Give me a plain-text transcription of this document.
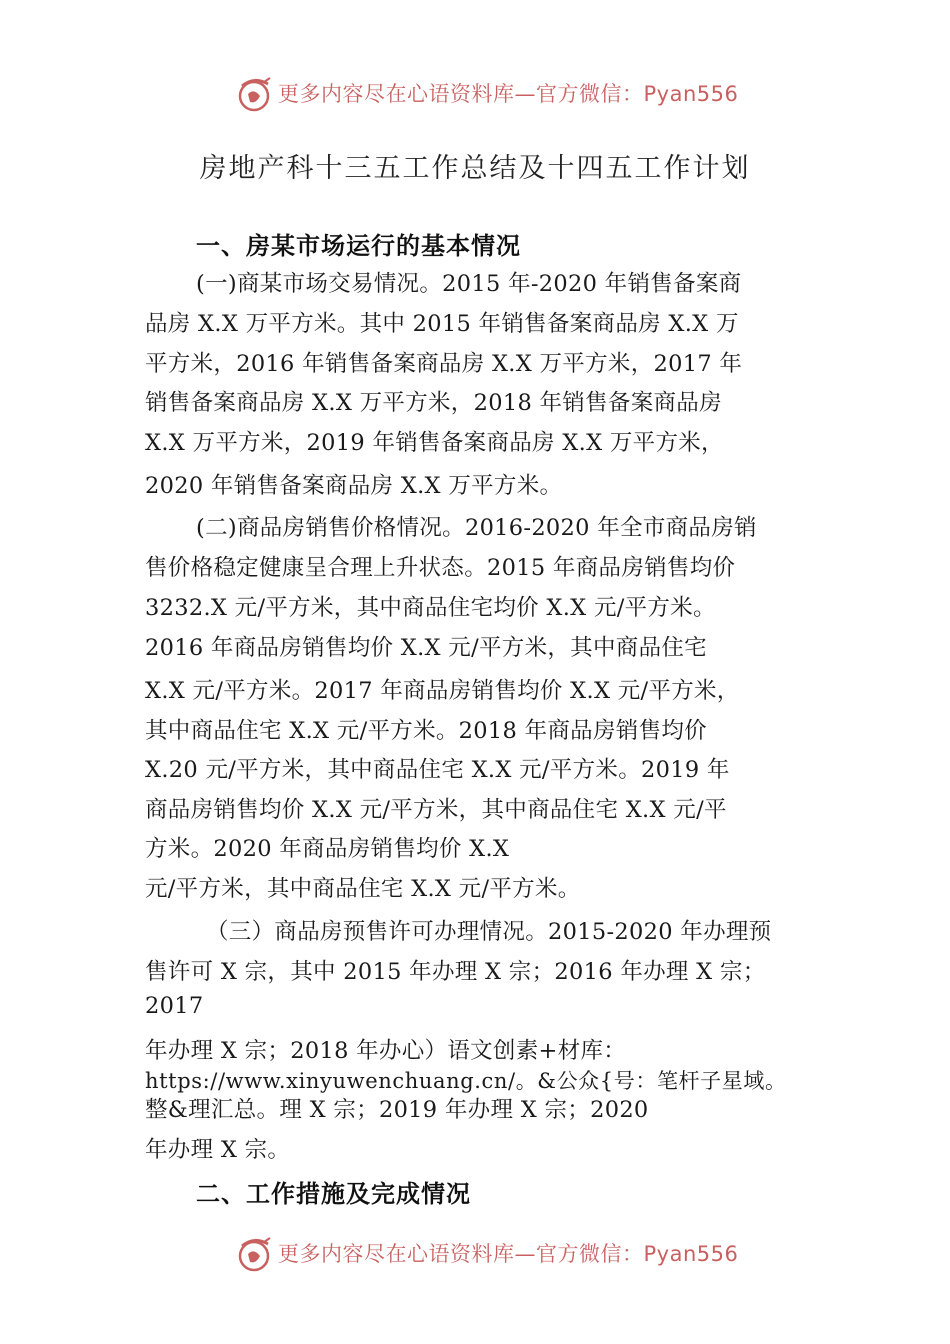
更多内容尽在心语资料库—官方微信：Pyan556
房地产科十三五工作总结及十四五工作计划
一、房某市场运行的基本情况
(一)商某市场交易情况。2015 年-2020 年销售备案商
品房 X.X 万平方米。其中 2015 年销售备案商品房 X.X 万
平方米，2016 年销售备案商品房 X.X 万平方米，2017 年
销售备案商品房 X.X 万平方米，2018 年销售备案商品房
X.X 万平方米，2019 年销售备案商品房 X.X 万平方米，
2020 年销售备案商品房 X.X 万平方米。
(二)商品房销售价格情况。2016-2020 年全市商品房销
售价格稳定健康呈合理上升状态。2015 年商品房销售均价
3232.X 元/平方米，其中商品住宅均价 X.X 元/平方米。
2016 年商品房销售均价 X.X 元/平方米，其中商品住宅
X.X 元/平方米。2017 年商品房销售均价 X.X 元/平方米，
其中商品住宅 X.X 元/平方米。2018 年商品房销售均价
X.20 元/平方米，其中商品住宅 X.X 元/平方米。2019 年
商品房销售均价 X.X 元/平方米，其中商品住宅 X.X 元/平
方米。2020 年商品房销售均价 X.X
元/平方米，其中商品住宅 X.X 元/平方米。
（三）商品房预售许可办理情况。2015-2020 年办理预
售许可 X 宗，其中 2015 年办理 X 宗；2016 年办理 X 宗；
2017
年办理 X 宗；2018 年办心）语文创素+材库：
https://www.xinyuwenchuang.cn/。&公众{号：笔杆子星域。
整&理汇总。理 X 宗；2019 年办理 X 宗；2020
年办理 X 宗。
二、工作措施及完成情况
更多内容尽在心语资料库—官方微信：Pyan556
